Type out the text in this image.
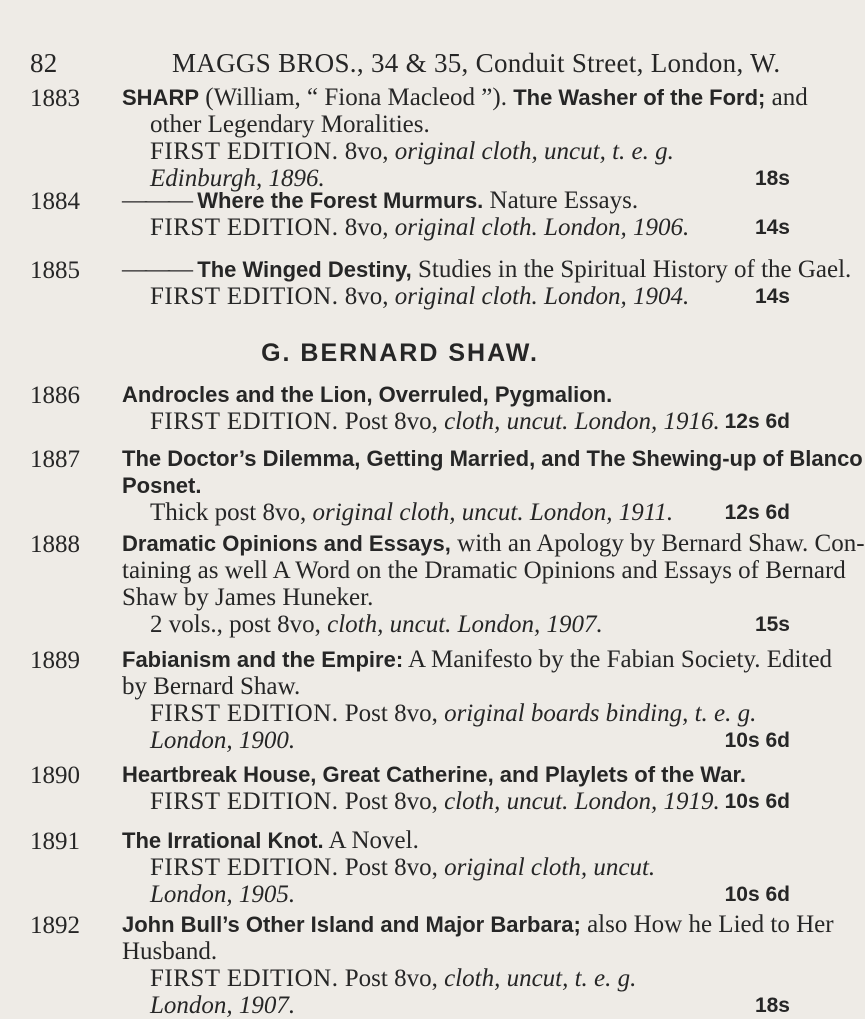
82	MAGGS BROS., 34 & 35, Conduit Street, London, W.
1883 SHARP (William, “ Fiona Macleod ”). The Washer of the Ford; and
other Legendary Moralities.
FIRST EDITION. 8vo, original cloth, uncut, t. e. g.
Edinburgh, 1896.	18s
1884 ——— Where the Forest Murmurs. Nature Essays.
FIRST EDITION. 8vo, original cloth. London, 1906.	14s
1885 ——— The Winged Destiny, Studies in the Spiritual History of the Gael.
FIRST EDITION. 8vo, original cloth. London, 1904.	14s
G. BERNARD SHAW.
1886 Androcles and the Lion, Overruled, Pygmalion.
FIRST EDITION. Post 8vo, cloth, uncut. London, 1916. 12s 6d
1887 The Doctor’s Dilemma, Getting Married, and The Shewing-up of Blanco
Posnet.
Thick post 8vo, original cloth, uncut. London, 1911. 12s 6d
1888 Dramatic Opinions and Essays, with an Apology by Bernard Shaw. Con-
taining as well A Word on the Dramatic Opinions and Essays of Bernard
Shaw by James Huneker.
2 vols., post 8vo, cloth, uncut. London, 1907.	15s
1889 Fabianism and the Empire: A Manifesto by the Fabian Society. Edited
by Bernard Shaw.
FIRST EDITION. Post 8vo, original boards binding, t. e. g.
London, 1900.	10s 6d
1890 Heartbreak House, Great Catherine, and Playlets of the War.
FIRST EDITION. Post 8vo, cloth, uncut. London, 1919. 10s 6d
1891 The Irrational Knot. A Novel.
FIRST EDITION. Post 8vo, original cloth, uncut.
London, 1905.	10s 6d
1892 John Bull’s Other Island and Major Barbara; also How he Lied to Her
Husband.
FIRST EDITION. Post 8vo, cloth, uncut, t. e. g.
London, 1907.	18s
